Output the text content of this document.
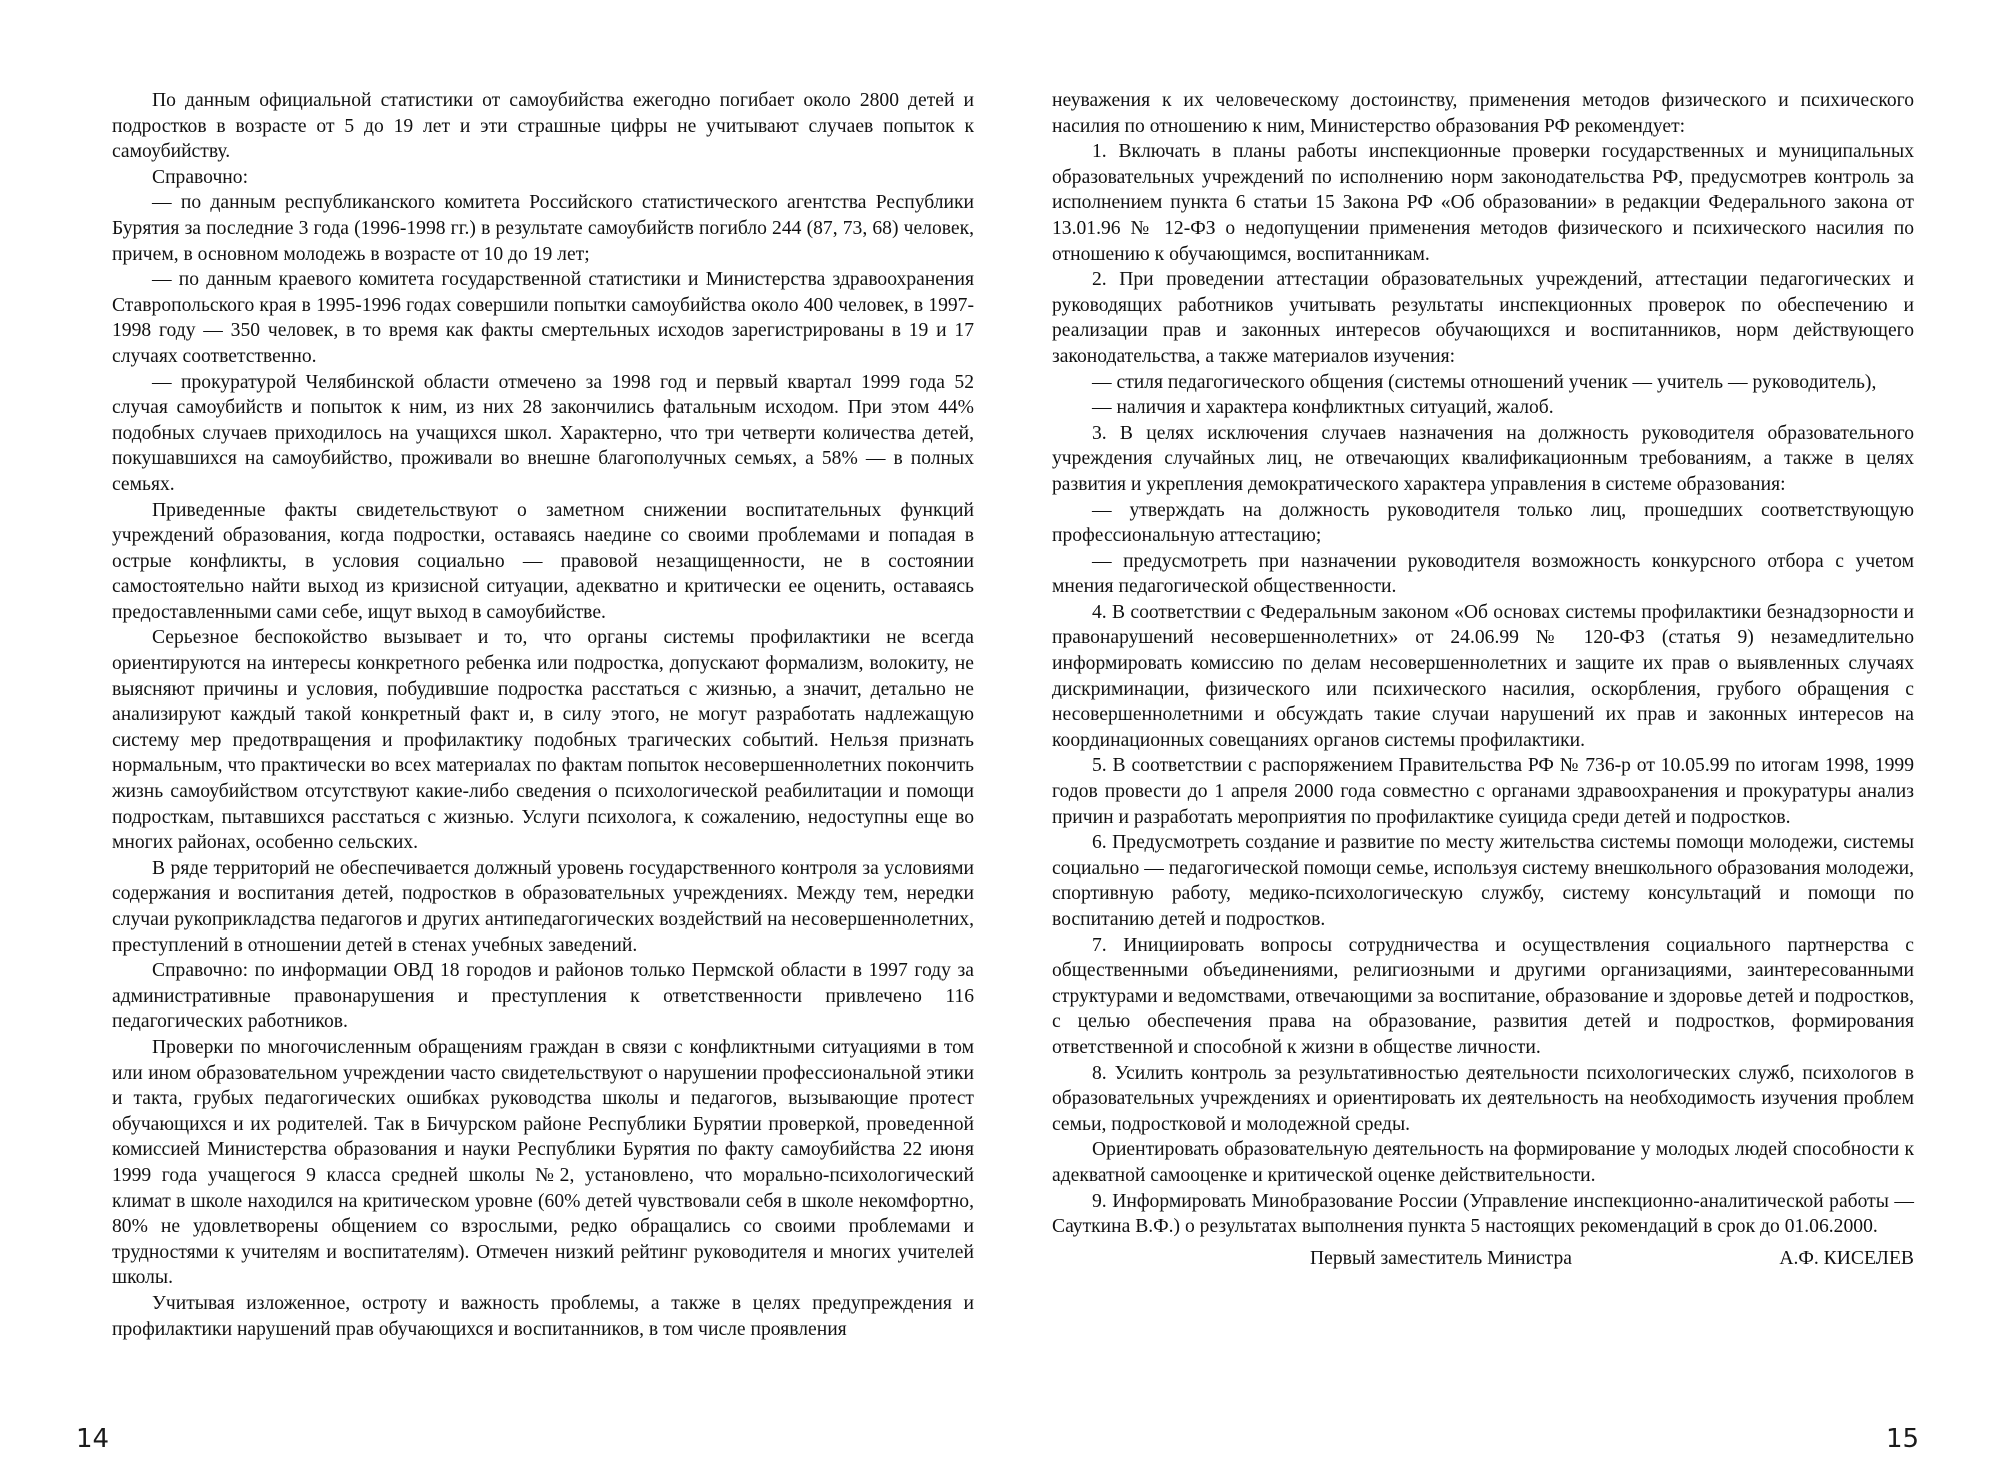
По данным официальной статистики от самоубийства ежегодно погибает около 2800 детей и подростков в возрасте от 5 до 19 лет и эти страшные цифры не учитывают случаев попыток к самоубийству.

Справочно:

— по данным республиканского комитета Российского статистического агентства Республики Бурятия за последние 3 года (1996-1998 гг.) в результате самоубийств погибло 244 (87, 73, 68) человек, причем, в основном молодежь в возрасте от 10 до 19 лет;

— по данным краевого комитета государственной статистики и Министерства здравоохранения Ставропольского края в 1995-1996 годах совершили попытки самоубийства около 400 человек, в 1997-1998 году — 350 человек, в то время как факты смертельных исходов зарегистрированы в 19 и 17 случаях соответственно.

— прокуратурой Челябинской области отмечено за 1998 год и первый квартал 1999 года 52 случая самоубийств и попыток к ним, из них 28 закончились фатальным исходом. При этом 44% подобных случаев приходилось на учащихся школ. Характерно, что три четверти количества детей, покушавшихся на самоубийство, проживали во внешне благополучных семьях, а 58% — в полных семьях.

Приведенные факты свидетельствуют о заметном снижении воспитательных функций учреждений образования, когда подростки, оставаясь наедине со своими проблемами и попадая в острые конфликты, в условия социально — правовой незащищенности, не в состоянии самостоятельно найти выход из кризисной ситуации, адекватно и критически ее оценить, оставаясь предоставленными сами себе, ищут выход в самоубийстве.

Серьезное беспокойство вызывает и то, что органы системы профилактики не всегда ориентируются на интересы конкретного ребенка или подростка, допускают формализм, волокиту, не выясняют причины и условия, побудившие подростка расстаться с жизнью, а значит, детально не анализируют каждый такой конкретный факт и, в силу этого, не могут разработать надлежащую систему мер предотвращения и профилактику подобных трагических событий. Нельзя признать нормальным, что практически во всех материалах по фактам попыток несовершеннолетних покончить жизнь самоубийством отсутствуют какие-либо сведения о психологической реабилитации и помощи подросткам, пытавшихся расстаться с жизнью. Услуги психолога, к сожалению, недоступны еще во многих районах, особенно сельских.

В ряде территорий не обеспечивается должный уровень государственного контроля за условиями содержания и воспитания детей, подростков в образовательных учреждениях. Между тем, нередки случаи рукоприкладства педагогов и других антипедагогических воздействий на несовершеннолетних, преступлений в отношении детей в стенах учебных заведений.

Справочно: по информации ОВД 18 городов и районов только Пермской области в 1997 году за административные правонарушения и преступления к ответственности привлечено 116 педагогических работников.

Проверки по многочисленным обращениям граждан в связи с конфликтными ситуациями в том или ином образовательном учреждении часто свидетельствуют о нарушении профессиональной этики и такта, грубых педагогических ошибках руководства школы и педагогов, вызывающие протест обучающихся и их родителей. Так в Бичурском районе Республики Бурятии проверкой, проведенной комиссией Министерства образования и науки Республики Бурятия по факту самоубийства 22 июня 1999 года учащегося 9 класса средней школы №2, установлено, что морально-психологический климат в школе находился на критическом уровне (60% детей чувствовали себя в школе некомфортно, 80% не удовлетворены общением со взрослыми, редко обращались со своими проблемами и трудностями к учителям и воспитателям). Отмечен низкий рейтинг руководителя и многих учителей школы.

Учитывая изложенное, остроту и важность проблемы, а также в целях предупреждения и профилактики нарушений прав обучающихся и воспитанников, в том числе проявления

неуважения к их человеческому достоинству, применения методов физического и психического насилия по отношению к ним, Министерство образования РФ рекомендует:

1. Включать в планы работы инспекционные проверки государственных и муниципальных образовательных учреждений по исполнению норм законодательства РФ, предусмотрев контроль за исполнением пункта 6 статьи 15 Закона РФ «Об образовании» в редакции Федерального закона от 13.01.96 № 12-ФЗ о недопущении применения методов физического и психического насилия по отношению к обучающимся, воспитанникам.

2. При проведении аттестации образовательных учреждений, аттестации педагогических и руководящих работников учитывать результаты инспекционных проверок по обеспечению и реализации прав и законных интересов обучающихся и воспитанников, норм действующего законодательства, а также материалов изучения:

— стиля педагогического общения (системы отношений ученик — учитель — руководитель),

— наличия и характера конфликтных ситуаций, жалоб.

3. В целях исключения случаев назначения на должность руководителя образовательного учреждения случайных лиц, не отвечающих квалификационным требованиям, а также в целях развития и укрепления демократического характера управления в системе образования:

— утверждать на должность руководителя только лиц, прошедших соответствующую профессиональную аттестацию;

— предусмотреть при назначении руководителя возможность конкурсного отбора с учетом мнения педагогической общественности.

4. В соответствии с Федеральным законом «Об основах системы профилактики безнадзорности и правонарушений несовершеннолетних» от 24.06.99 № 120-ФЗ (статья 9) незамедлительно информировать комиссию по делам несовершеннолетних и защите их прав о выявленных случаях дискриминации, физического или психического насилия, оскорбления, грубого обращения с несовершеннолетними и обсуждать такие случаи нарушений их прав и законных интересов на координационных совещаниях органов системы профилактики.

5. В соответствии с распоряжением Правительства РФ № 736-р от 10.05.99 по итогам 1998, 1999 годов провести до 1 апреля 2000 года совместно с органами здравоохранения и прокуратуры анализ причин и разработать мероприятия по профилактике суицида среди детей и подростков.

6. Предусмотреть создание и развитие по месту жительства системы помощи молодежи, системы социально — педагогической помощи семье, используя систему внешкольного образования молодежи, спортивную работу, медико-психологическую службу, систему консультаций и помощи по воспитанию детей и подростков.

7. Инициировать вопросы сотрудничества и осуществления социального партнерства с общественными объединениями, религиозными и другими организациями, заинтересованными структурами и ведомствами, отвечающими за воспитание, образование и здоровье детей и подростков, с целью обеспечения права на образование, развития детей и подростков, формирования ответственной и способной к жизни в обществе личности.

8. Усилить контроль за результативностью деятельности психологических служб, психологов в образовательных учреждениях и ориентировать их деятельность на необходимость изучения проблем семьи, подростковой и молодежной среды.

Ориентировать образовательную деятельность на формирование у молодых людей способности к адекватной самооценке и критической оценке действительности.

9. Информировать Минобразование России (Управление инспекционно-аналитической работы — Сауткина В.Ф.) о результатах выполнения пункта 5 настоящих рекомендаций в срок до 01.06.2000.

Первый заместитель Министра	А.Ф. КИСЕЛЕВ
14	15
